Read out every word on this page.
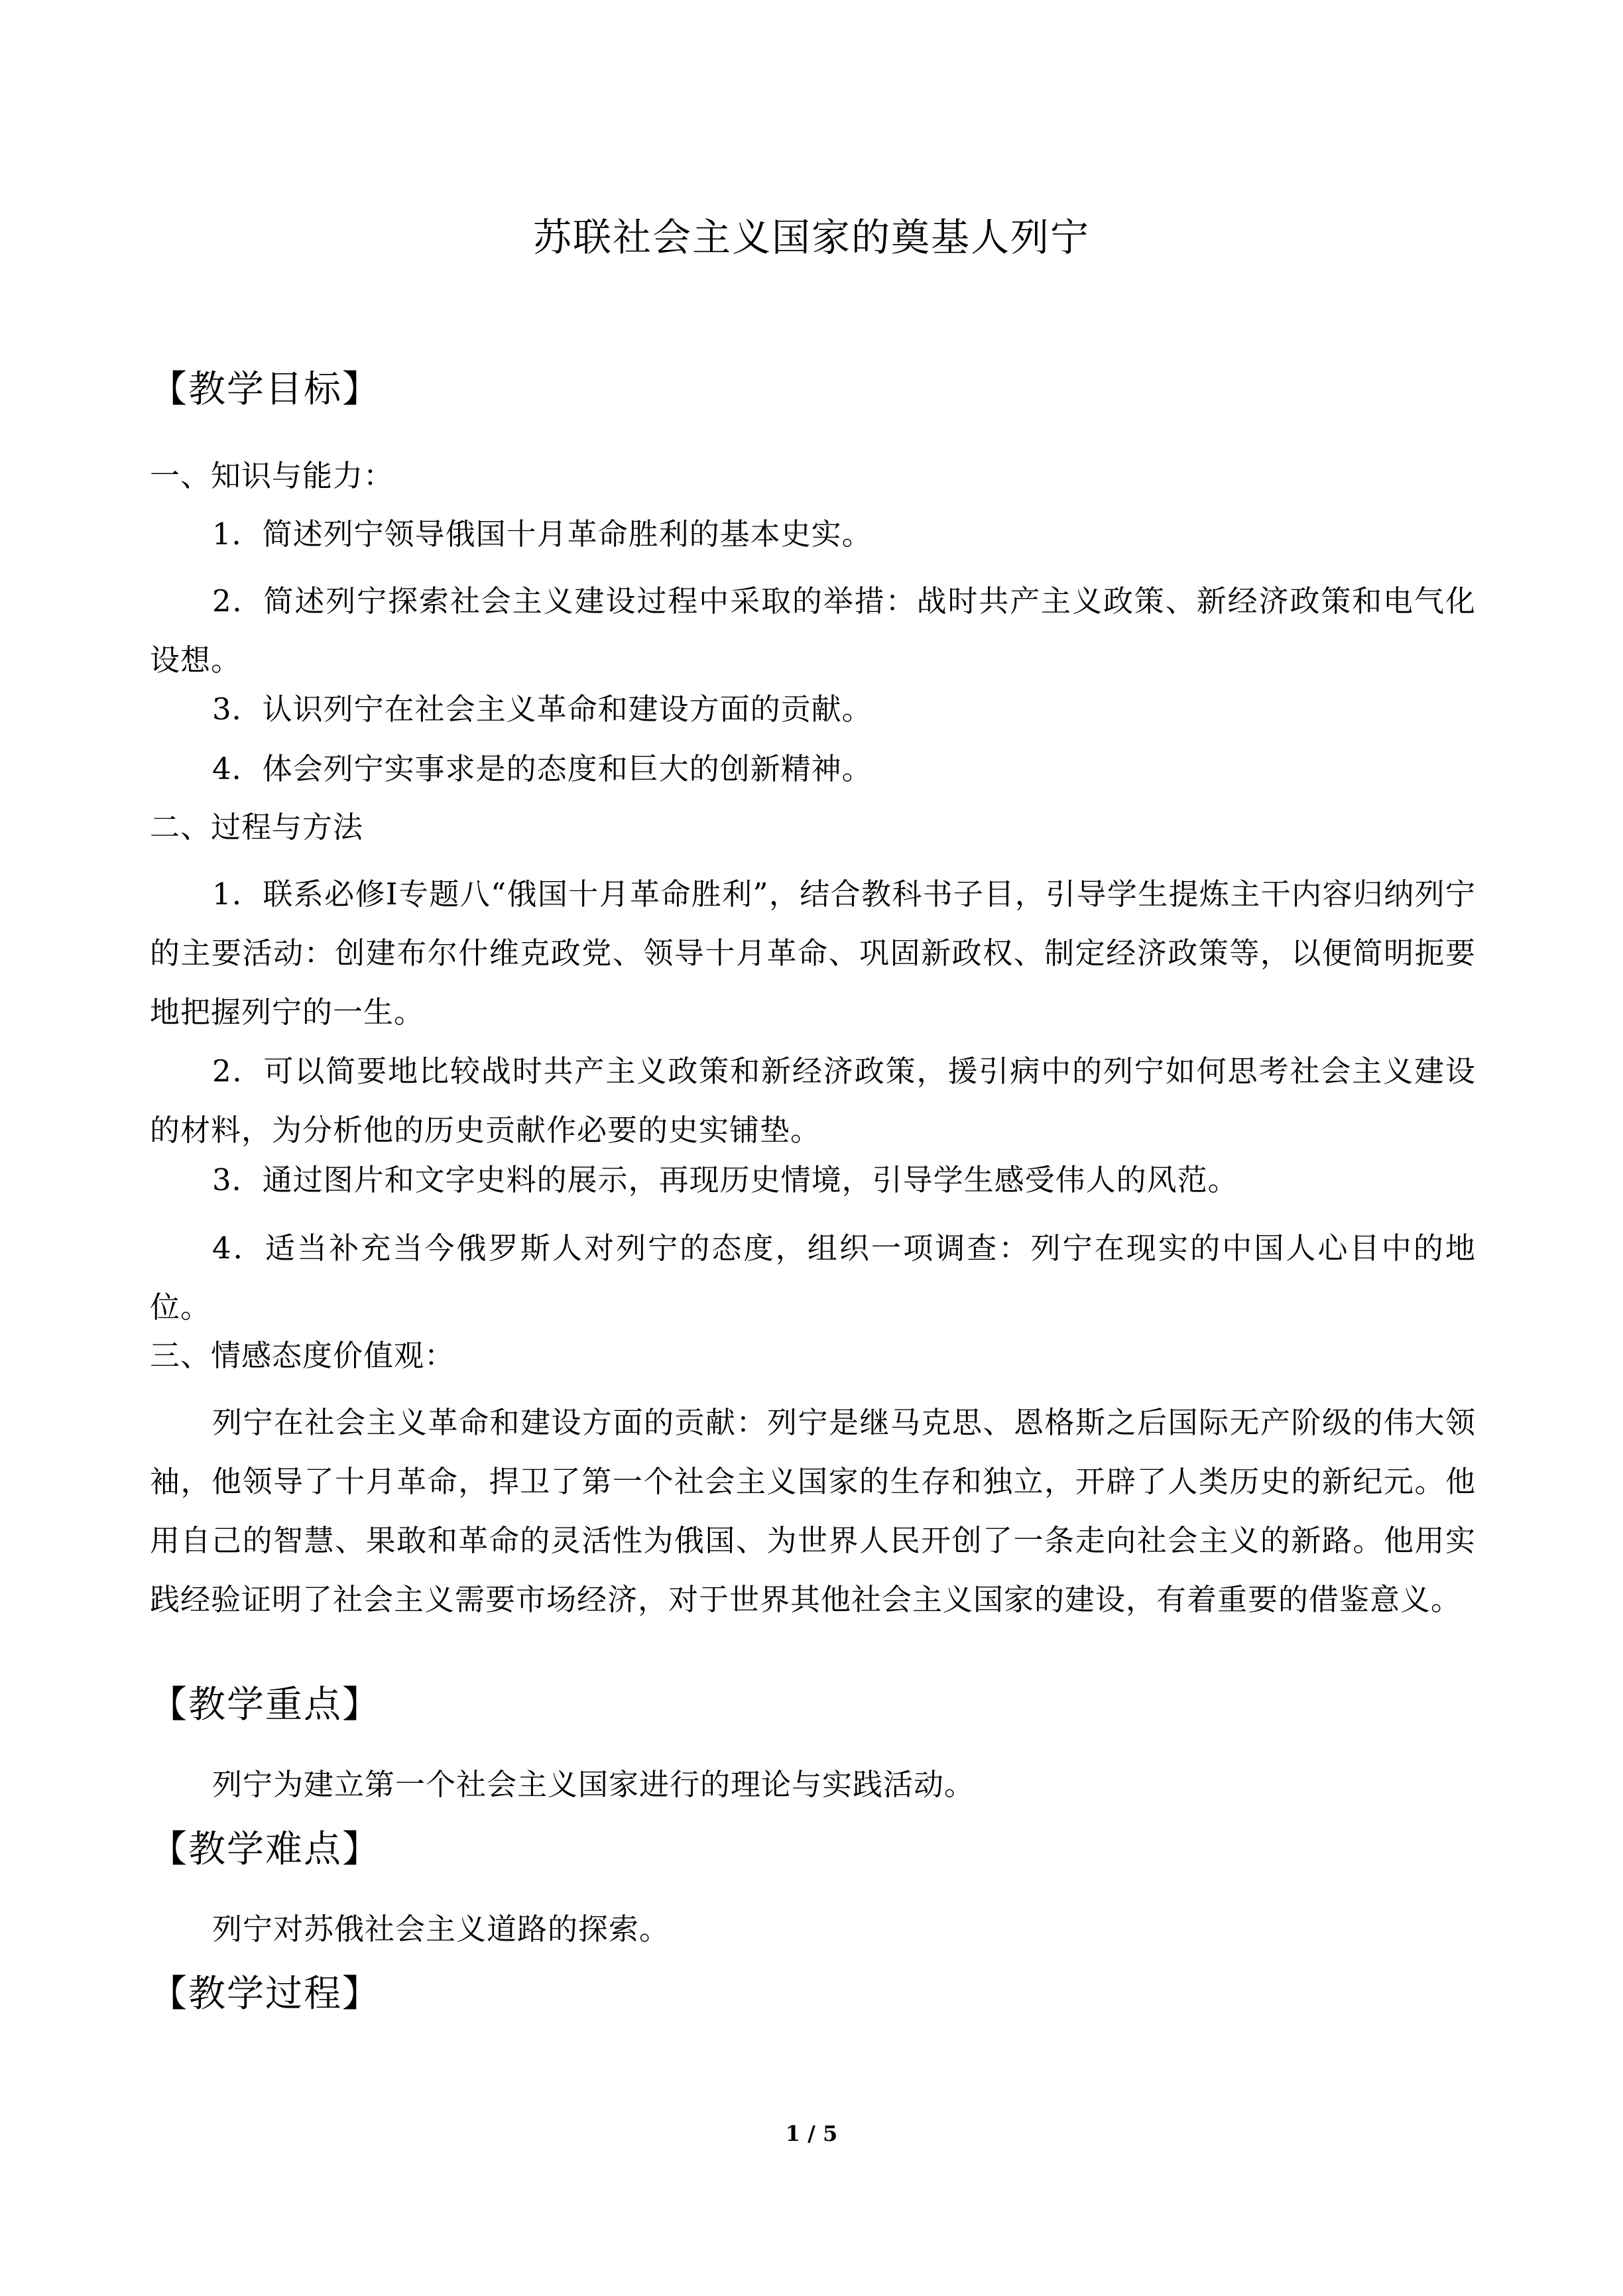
苏联社会主义国家的奠基人列宁
【教学目标】
一、知识与能力：
1．简述列宁领导俄国十月革命胜利的基本史实。
2．简述列宁探索社会主义建设过程中采取的举措：战时共产主义政策、新经济政策和电气化设想。
3．认识列宁在社会主义革命和建设方面的贡献。
4．体会列宁实事求是的态度和巨大的创新精神。
二、过程与方法
1．联系必修Ⅰ专题八“俄国十月革命胜利”，结合教科书子目，引导学生提炼主干内容归纳列宁的主要活动：创建布尔什维克政党、领导十月革命、巩固新政权、制定经济政策等，以便简明扼要地把握列宁的一生。
2．可以简要地比较战时共产主义政策和新经济政策，援引病中的列宁如何思考社会主义建设的材料，为分析他的历史贡献作必要的史实铺垫。
3．通过图片和文字史料的展示，再现历史情境，引导学生感受伟人的风范。
4．适当补充当今俄罗斯人对列宁的态度，组织一项调查：列宁在现实的中国人心目中的地位。
三、情感态度价值观：
列宁在社会主义革命和建设方面的贡献：列宁是继马克思、恩格斯之后国际无产阶级的伟大领袖，他领导了十月革命，捍卫了第一个社会主义国家的生存和独立，开辟了人类历史的新纪元。他用自己的智慧、果敢和革命的灵活性为俄国、为世界人民开创了一条走向社会主义的新路。他用实践经验证明了社会主义需要市场经济，对于世界其他社会主义国家的建设，有着重要的借鉴意义。
【教学重点】
列宁为建立第一个社会主义国家进行的理论与实践活动。
【教学难点】
列宁对苏俄社会主义道路的探索。
【教学过程】
1 / 5
